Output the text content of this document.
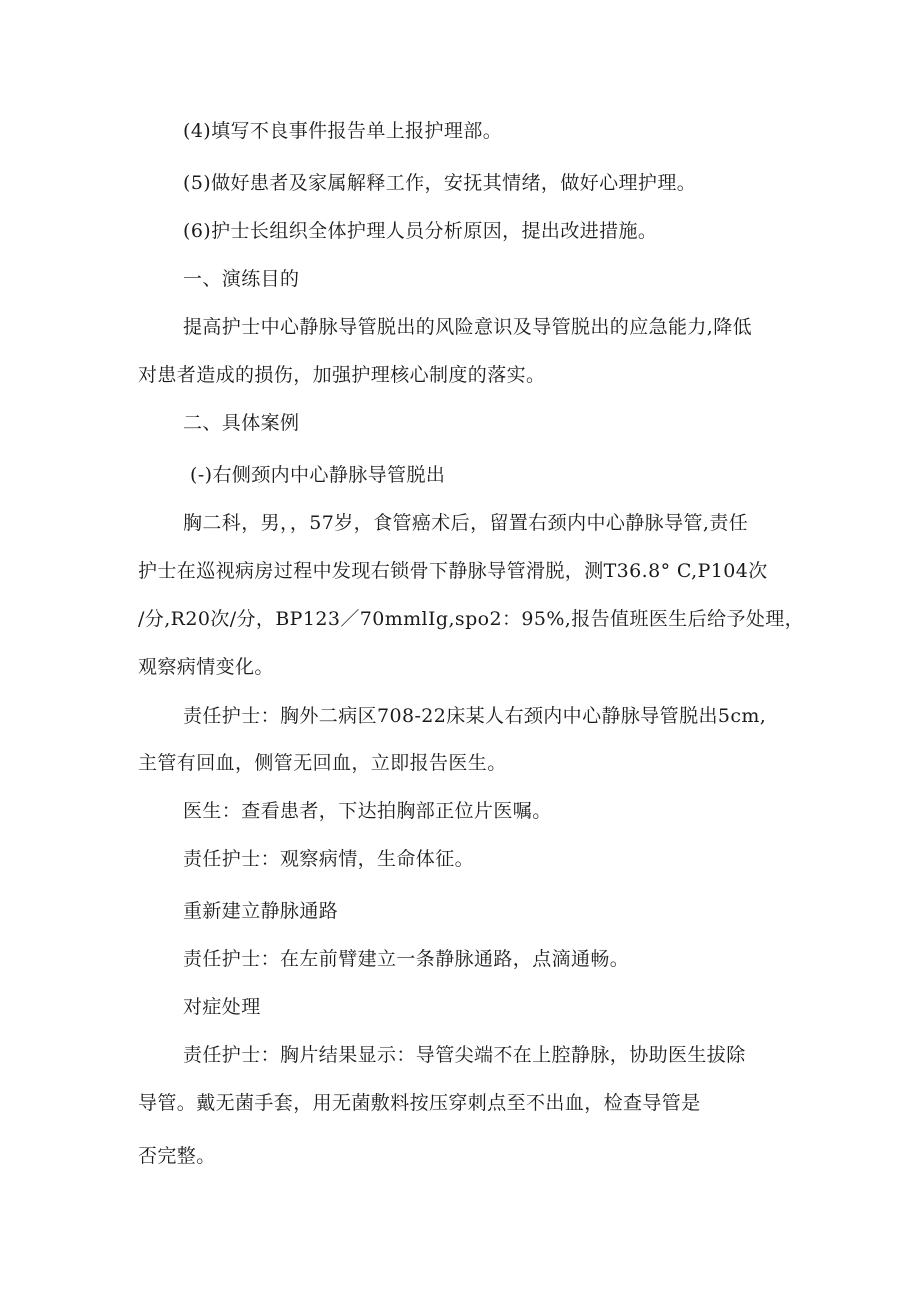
(4)填写不良事件报告单上报护理部。
(5)做好患者及家属解释工作，安抚其情绪，做好心理护理。
(6)护士长组织全体护理人员分析原因，提出改进措施。
一、演练目的
提高护士中心静脉导管脱出的风险意识及导管脱出的应急能力,降低
对患者造成的损伤，加强护理核心制度的落实。
二、具体案例
(-)右侧颈内中心静脉导管脱出
胸二科，男，，57岁，食管癌术后，留置右颈内中心静脉导管,责任
护士在巡视病房过程中发现右锁骨下静脉导管滑脱，测T36.8° C,P104次
/分,R20次/分，BP123／70mmlIg,spo2：95%,报告值班医生后给予处理，
观察病情变化。
责任护士：胸外二病区708-22床某人右颈内中心静脉导管脱出5cm,
主管有回血，侧管无回血，立即报告医生。
医生：查看患者，下达拍胸部正位片医嘱。
责任护士：观察病情，生命体征。
重新建立静脉通路
责任护士：在左前臂建立一条静脉通路，点滴通畅。
对症处理
责任护士：胸片结果显示：导管尖端不在上腔静脉，协助医生拔除
导管。戴无菌手套，用无菌敷料按压穿刺点至不出血，检查导管是
否完整。
